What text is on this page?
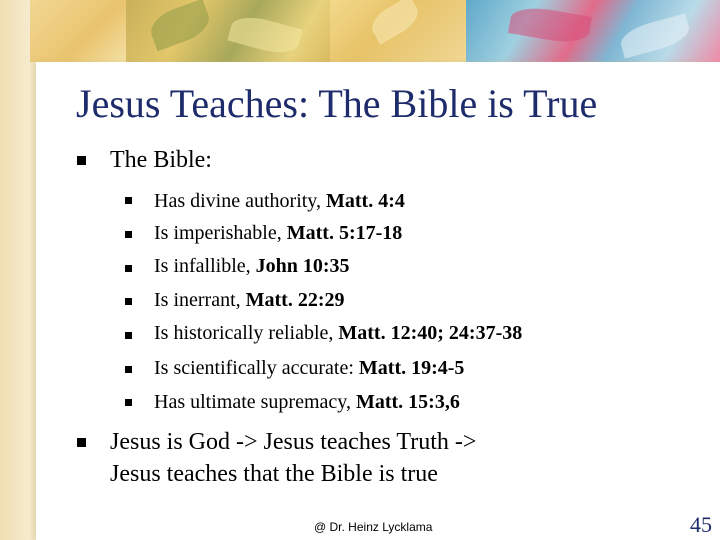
Jesus Teaches: The Bible is True
The Bible:
Has divine authority, Matt. 4:4
Is imperishable, Matt. 5:17-18
Is infallible, John 10:35
Is inerrant, Matt. 22:29
Is historically reliable, Matt. 12:40; 24:37-38
Is scientifically accurate: Matt. 19:4-5
Has ultimate supremacy, Matt. 15:3,6
Jesus is God -> Jesus teaches Truth ->
Jesus teaches that the Bible is true
@ Dr. Heinz Lycklama	45
